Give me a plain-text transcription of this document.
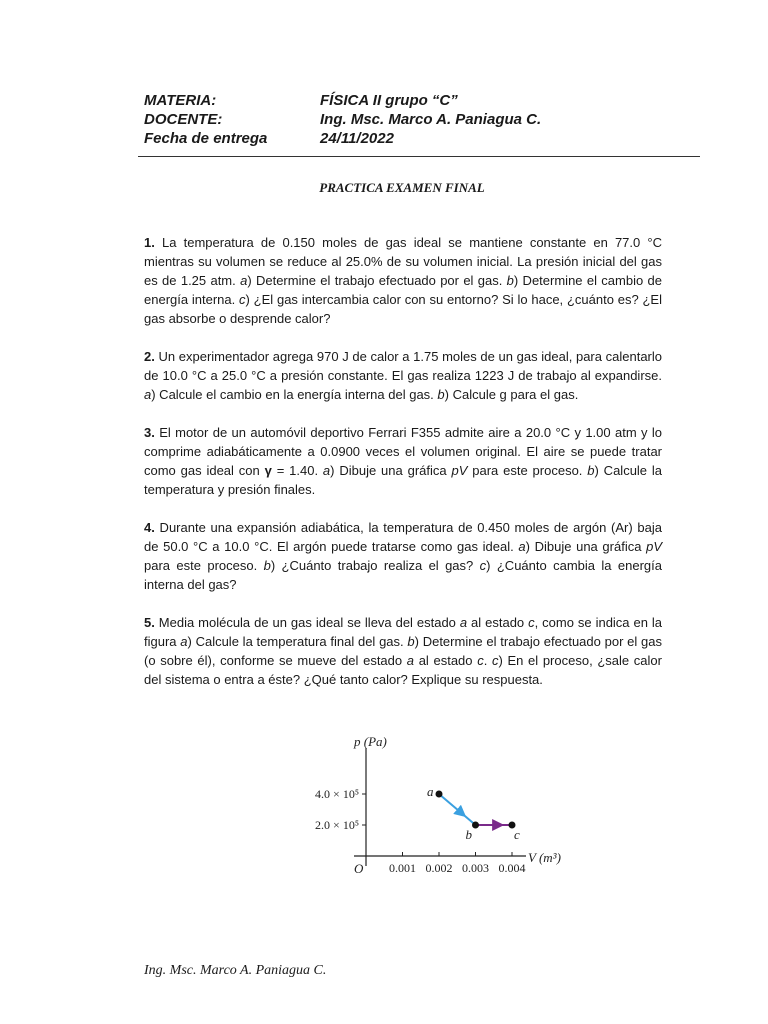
MATERIA:	FÍSICA II grupo “C”
DOCENTE:	Ing. Msc. Marco A. Paniagua C.
Fecha de entrega	24/11/2022
PRACTICA EXAMEN FINAL

1. La temperatura de 0.150 moles de gas ideal se mantiene constante en 77.0 °C mientras su volumen se reduce al 25.0% de su volumen inicial. La presión inicial del gas es de 1.25 atm. a) Determine el trabajo efectuado por el gas. b) Determine el cambio de energía interna. c) ¿El gas intercambia calor con su entorno? Si lo hace, ¿cuánto es? ¿El gas absorbe o desprende calor?

2. Un experimentador agrega 970 J de calor a 1.75 moles de un gas ideal, para calentarlo de 10.0 °C a 25.0 °C a presión constante. El gas realiza 1223 J de trabajo al expandirse. a) Calcule el cambio en la energía interna del gas. b) Calcule g para el gas.

3. El motor de un automóvil deportivo Ferrari F355 admite aire a 20.0 °C y 1.00 atm y lo comprime adiabáticamente a 0.0900 veces el volumen original. El aire se puede tratar como gas ideal con γ = 1.40. a) Dibuje una gráfica pV para este proceso. b) Calcule la temperatura y presión finales.

4. Durante una expansión adiabática, la temperatura de 0.450 moles de argón (Ar) baja de 50.0 °C a 10.0 °C. El argón puede tratarse como gas ideal. a) Dibuje una gráfica pV para este proceso. b) ¿Cuánto trabajo realiza el gas? c) ¿Cuánto cambia la energía interna del gas?

5. Media molécula de un gas ideal se lleva del estado a al estado c, como se indica en la figura a) Calcule la temperatura final del gas. b) Determine el trabajo efectuado por el gas (o sobre él), conforme se mueve del estado a al estado c. c) En el proceso, ¿sale calor del sistema o entra a éste? ¿Qué tanto calor? Explique su respuesta.

p (Pa)
V (m³)
O
4.0 × 10⁵
2.0 × 10⁵
0.001 0.002 0.003 0.004
a
b	c
Ing. Msc. Marco A. Paniagua C.
